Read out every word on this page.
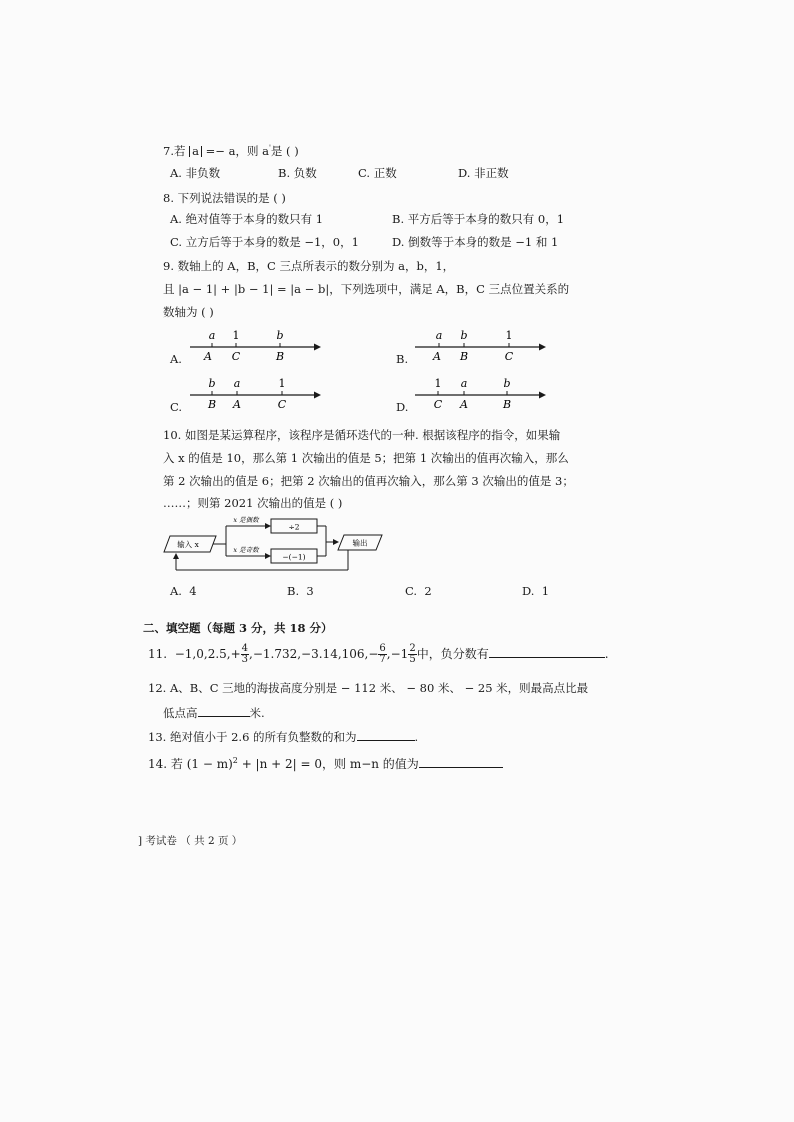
7.若 a =− a，则 a'是 ( )
A. 非负数	B. 负数	C. 正数	D. 非正数
8. 下列说法错误的是 ( )
A. 绝对值等于本身的数只有 1	B. 平方后等于本身的数只有 0，1
C. 立方后等于本身的数是 −1，0，1	D. 倒数等于本身的数是 −1 和 1
9. 数轴上的 A，B，C 三点所表示的数分别为 a，b，1，
且 |a − 1| + |b − 1| = |a − b|，下列选项中，满足 A，B，C 三点位置关系的
数轴为 ( )
A.
a 1	b
A C	B	B.
a b	1
A B	C
C.
b a	1
B A	C	D.
1 a	b
C A	B
10. 如图是某运算程序，该程序是循环迭代的一种. 根据该程序的指令，如果输
入 x 的值是 10，那么第 1 次输出的值是 5；把第 1 次输出的值再次输入，那么
第 2 次输出的值是 6；把第 2 次输出的值再次输入，那么第 3 次输出的值是 3；
……；则第 2021 次输出的值是 ( )
输入 x
x 是偶数
x 是奇数
÷2
−(−1)
输出
A. 4	B. 3	C. 2	D. 1
二、填空题（每题 3 分，共 18 分）
11. $-1,0,2.5,+ \frac{4}{3} ,-1.732,-3.14,106,- \frac{6}{7} ,-1 \frac{2}{5}$ 中，负分数有	.
12. A、B、C 三地的海拔高度分别是 − 112 米、 − 80 米、 − 25 米，则最高点比最
低点高	米.
13. 绝对值小于 2.6 的所有负整数的和为	.
14. 若 $(1 - m)^2 + |n + 2| = 0$，则 m−n 的值为
] 考试卷 （ 共 2 页 ）
